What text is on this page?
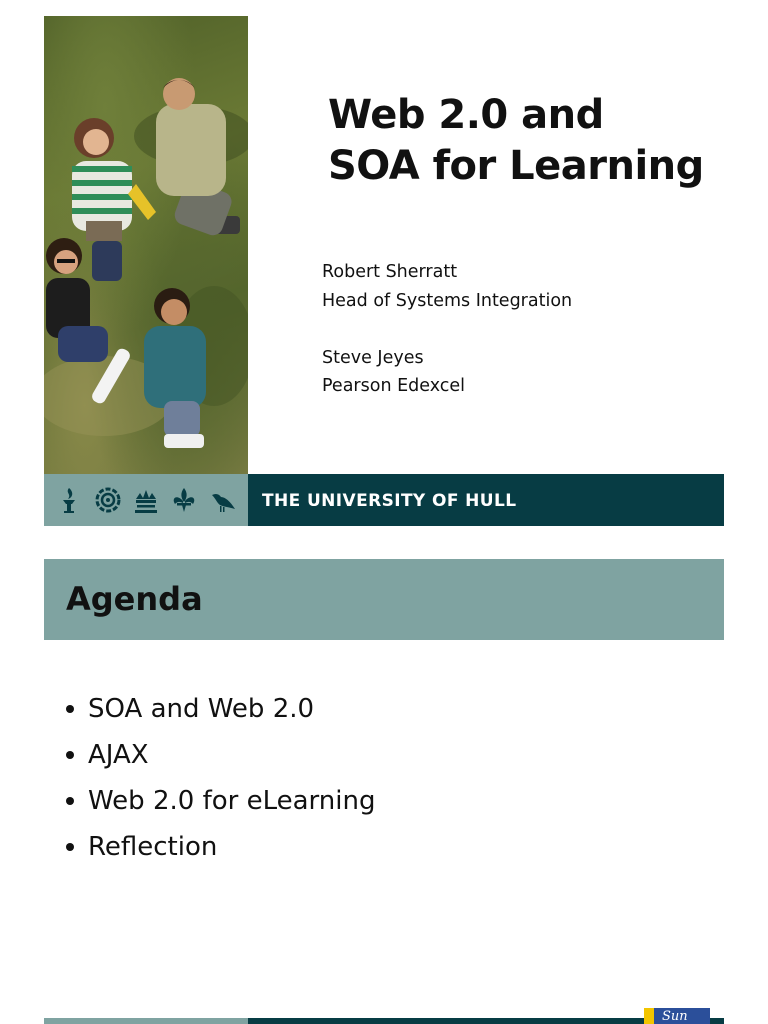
Web 2.0 and
SOA for Learning
Robert Sherratt
Head of Systems Integration
Steve Jeyes
Pearson Edexcel
THE UNIVERSITY OF HULL
Agenda
SOA and Web 2.0
AJAX
Web 2.0 for eLearning
Reflection
Sun
